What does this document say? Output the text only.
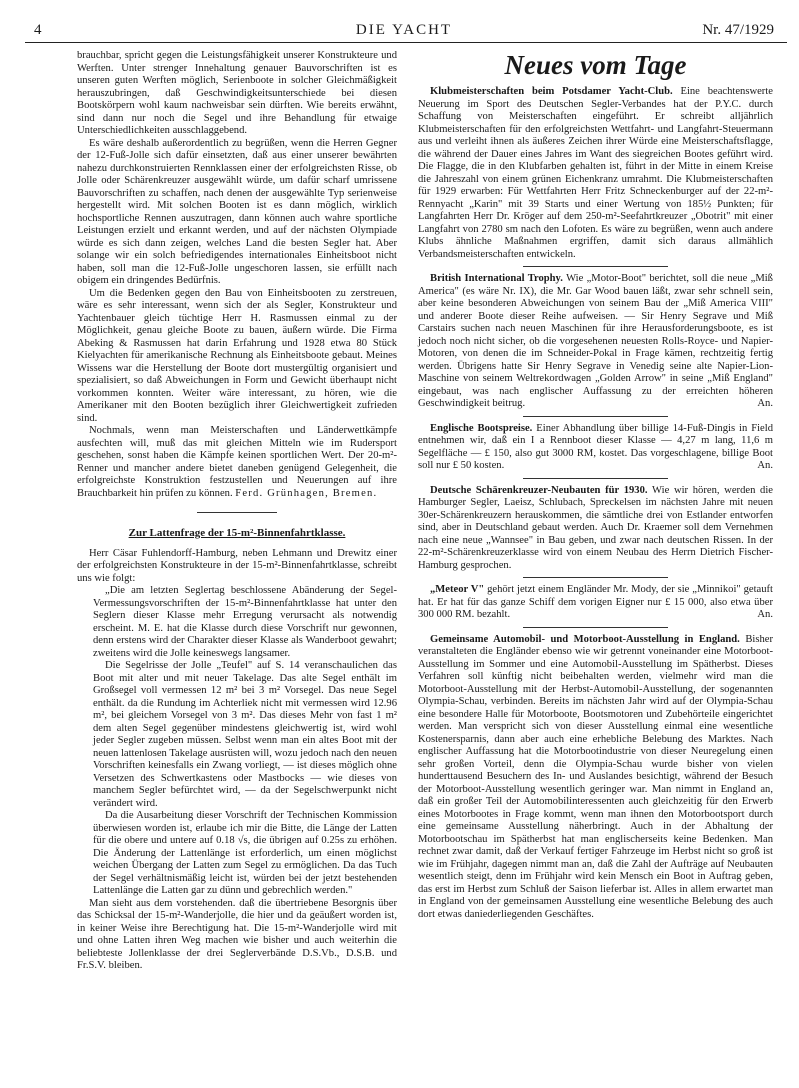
4	DIE YACHT	Nr. 47/1929

brauchbar, spricht gegen die Leistungsfähigkeit unserer Konstrukteure und Werften. Unter strenger Innehaltung genauer Bauvorschriften ist es unseren guten Werften möglich, Serienboote in solcher Gleichmäßigkeit herauszubringen, daß Geschwindigkeitsunterschiede bei diesen Bootskörpern wohl kaum nachweisbar sein dürften. Wie bereits erwähnt, sind dann nur noch die Segel und ihre Behandlung für etwaige Unterschiedlichkeiten ausschlaggebend.

Es wäre deshalb außerordentlich zu begrüßen, wenn die Herren Gegner der 12-Fuß-Jolle sich dafür einsetzten, daß aus einer unserer bewährten nahezu durchkonstruierten Rennklassen einer der erfolgreichsten Risse, ob Jolle oder Schärenkreuzer ausgewählt würde, um dafür scharf umrissene Bauvorschriften zu schaffen, nach denen der ausgewählte Typ serienweise hergestellt wird. Mit solchen Booten ist es dann möglich, wirklich hochsportliche Rennen auszutragen, dann können auch wahre sportliche Leistungen erzielt und erkannt werden, und auf der nächsten Olympiade würde es sich dann zeigen, welches Land die besten Segler hat. Aber solange wir ein solch befriedigendes internationales Einheitsboot nicht haben, soll man die 12-Fuß-Jolle ungeschoren lassen, sie erfüllt nach obigem ein dringendes Bedürfnis.

Um die Bedenken gegen den Bau von Einheitsbooten zu zerstreuen, wäre es sehr interessant, wenn sich der als Segler, Konstrukteur und Yachtenbauer gleich tüchtige Herr H. Rasmussen einmal zu der Möglichkeit, genau gleiche Boote zu bauen, äußern würde. Die Firma Abeking & Rasmussen hat darin Erfahrung und 1928 etwa 80 Stück Kielyachten für amerikanische Rechnung als Einheitsboote gebaut. Meines Wissens war die Herstellung der Boote dort mustergültig organisiert und spezialisiert, so daß Abweichungen in Form und Gewicht überhaupt nicht vorkommen konnten. Weiter wäre interessant, zu hören, wie die Amerikaner mit den Booten bezüglich ihrer Gleichwertigkeit zufrieden sind.

Nochmals, wenn man Meisterschaften und Länderwettkämpfe ausfechten will, muß das mit gleichen Mitteln wie im Rudersport geschehen, sonst haben die Kämpfe keinen sportlichen Wert. Der 20-m²-Renner und mancher andere bietet daneben genügend Gelegenheit, die erfolgreichste Konstruktion festzustellen und Neuerungen auf ihre Brauchbarkeit hin prüfen zu können. Ferd. Grünhagen, Bremen.

Zur Lattenfrage der 15-m²-Binnenfahrtklasse.

Herr Cäsar Fuhlendorff-Hamburg, neben Lehmann und Drewitz einer der erfolgreichsten Konstrukteure in der 15-m²-Binnenfahrtklasse, schreibt uns wie folgt:

„Die am letzten Seglertag beschlossene Abänderung der Segel-Vermessungsvorschriften der 15-m²-Binnenfahrtklasse hat unter den Seglern dieser Klasse mehr Erregung verursacht als notwendig erscheint. M. E. hat die Klasse durch diese Vorschrift nur gewonnen, denn erstens wird der Charakter dieser Klasse als Wanderboot gewahrt; zweitens wird die Jolle keineswegs langsamer.

Die Segelrisse der Jolle „Teufel" auf S. 14 veranschaulichen das Boot mit alter und mit neuer Takelage. Das alte Segel enthält im Großsegel voll vermessen 12 m² bei 3 m² Vorsegel. Das neue Segel enthält. da die Rundung im Achterliek nicht mit vermessen wird 12.96 m², bei gleichem Vorsegel von 3 m². Das dieses Mehr von fast 1 m² dem alten Segel gegenüber mindestens gleichwertig ist, wird wohl jeder Segler zugeben müssen. Selbst wenn man ein altes Boot mit der neuen lattenlosen Takelage ausrüsten will, wozu jedoch nach den neuen Vorschriften keinesfalls ein Zwang vorliegt, — ist dieses möglich ohne Versetzen des Schwertkastens oder Mastbocks — wie dieses von manchem Segler befürchtet wird, — da der Segelschwerpunkt nicht verändert wird.

Da die Ausarbeitung dieser Vorschrift der Technischen Kommission überwiesen worden ist, erlaube ich mir die Bitte, die Länge der Latten für die obere und untere auf 0.18 √s, die übrigen auf 0.25s zu erhöhen. Die Änderung der Lattenlänge ist erforderlich, um einen möglichst weichen Übergang der Latten zum Segel zu ermöglichen. Da das Tuch der Segel verhältnismäßig leicht ist, würden bei der jetzt bestehenden Lattenlänge die Latten gar zu dünn und gebrechlich werden."

Man sieht aus dem vorstehenden. daß die übertriebene Besorgnis über das Schicksal der 15-m²-Wanderjolle, die hier und da geäußert worden ist, in keiner Weise ihre Berechtigung hat. Die 15-m²-Wanderjolle wird mit und ohne Latten ihren Weg machen wie bisher und auch weiterhin die beliebteste Jollenklasse der drei Seglerverbände D.S.Vb., D.S.B. und Fr.S.V. bleiben.

Neues vom Tage

Klubmeisterschaften beim Potsdamer Yacht-Club. Eine beachtenswerte Neuerung im Sport des Deutschen Segler-Verbandes hat der P.Y.C. durch Schaffung von Meisterschaften eingeführt. Er schreibt alljährlich Klubmeisterschaften für den erfolgreichsten Wettfahrt- und Langfahrt-Steuermann aus und verleiht ihnen als äußeres Zeichen ihrer Würde eine Meisterschaftsflagge, die während der Dauer eines Jahres im Want des siegreichen Bootes geführt wird. Die Flagge, die in den Klubfarben gehalten ist, führt in der Mitte in einem Kreise die Jahreszahl von einem grünen Eichenkranz umrahmt. Die Klubmeisterschaften für 1929 erwarben: Für Wettfahrten Herr Fritz Schneckenburger auf der 22-m²-Rennyacht „Karin" mit 39 Starts und einer Wertung von 185½ Punkten; für Langfahrten Herr Dr. Kröger auf dem 250-m²-Seefahrtkreuzer „Obotrit" mit einer Langfahrt von 2780 sm nach den Lofoten. Es wäre zu begrüßen, wenn auch andere Klubs ähnliche Maßnahmen ergriffen, damit sich daraus allmählich Verbandsmeisterschaften entwickeln.

British International Trophy. Wie „Motor-Boot" berichtet, soll die neue „Miß America" (es wäre Nr. IX), die Mr. Gar Wood bauen läßt, zwar sehr schnell sein, aber keine besonderen Abweichungen von seinem Bau der „Miß America VIII" und anderer Boote dieser Reihe aufweisen. — Sir Henry Segrave und Miß Carstairs suchen nach neuen Maschinen für ihre Herausforderungsboote, es ist jedoch noch nicht sicher, ob die vorgesehenen neuesten Rolls-Royce- und Napier-Motoren, von denen die im Schneider-Pokal in Frage kämen, rechtzeitig fertig werden. Übrigens hatte Sir Henry Segrave in Venedig seine alte Napier-Lion-Maschine von seinem Weltrekordwagen „Golden Arrow" in seine „Miß England" eingebaut, was nach englischer Auffassung zu der erreichten höheren Geschwindigkeit beitrug.	An.

Englische Bootspreise. Einer Abhandlung über billige 14-Fuß-Dingis in Field entnehmen wir, daß ein I a Rennboot dieser Klasse — 4,27 m lang, 11,6 m Segelfläche — £ 150, also gut 3000 RM, kostet. Das vorgeschlagene, billige Boot soll nur £ 50 kosten.	An.

Deutsche Schärenkreuzer-Neubauten für 1930. Wie wir hören, werden die Hamburger Segler, Laeisz, Schlubach, Spreckelsen im nächsten Jahre mit neuen 30er-Schärenkreuzern herauskommen, die sämtliche drei von Estlander entworfen sind, aber in Deutschland gebaut werden. Auch Dr. Kraemer soll dem Vernehmen nach eine neue „Wannsee" in Bau geben, und zwar nach deutschen Rissen. In der 22-m²-Schärenkreuzerklasse wird von einem Neubau des Herrn Dietrich Fischer-Hamburg gesprochen.

„Meteor V" gehört jetzt einem Engländer Mr. Mody, der sie „Minnikoi" getauft hat. Er hat für das ganze Schiff dem vorigen Eigner nur £ 15 000, also etwa über 300 000 RM. bezahlt.	An.

Gemeinsame Automobil- und Motorboot-Ausstellung in England. Bisher veranstalteten die Engländer ebenso wie wir getrennt voneinander eine Motorboot-Ausstellung im Sommer und eine Automobil-Ausstellung im Spätherbst. Dieses Verfahren soll künftig nicht beibehalten werden, vielmehr wird man die Motorboot-Ausstellung mit der Herbst-Automobil-Ausstellung, der sogenannten Olympia-Schau, verbinden. Bereits im nächsten Jahr wird auf der Olympia-Schau eine besondere Halle für Motorboote, Bootsmotoren und Zubehörteile eingerichtet werden. Man verspricht sich von dieser Ausstellung einmal eine wesentliche Kostenersparnis, dann aber auch eine erhebliche Belebung des Marktes. Nach englischer Auffassung hat die Motorbootindustrie von dieser Neuregelung einen sehr großen Vorteil, denn die Olympia-Schau wurde bisher von vielen hunderttausend Besuchern des In- und Auslandes besichtigt, während der Besuch der Motorboot-Ausstellung wesentlich geringer war. Man nimmt in England an, daß ein großer Teil der Automobilinteressenten auch gleichzeitig für den Erwerb eines Motorbootes in Frage kommt, wenn man ihnen den Motorbootsport durch eine gemeinsame Ausstellung näherbringt. Auch in der Abhaltung der Motorbootschau im Spätherbst hat man englischerseits keine Bedenken. Man rechnet zwar damit, daß der Verkauf fertiger Fahrzeuge im Herbst nicht so groß ist wie im Frühjahr, dagegen nimmt man an, daß die Zahl der Aufträge auf Neubauten wesentlich steigt, denn im Frühjahr wird kein Mensch ein Boot in Auftrag geben, das erst im Herbst zum Schluß der Saison lieferbar ist. Alles in allem erwartet man in England von der gemeinsamen Ausstellung eine wesentliche Belebung des auch dort etwas daniederliegenden Geschäftes.
